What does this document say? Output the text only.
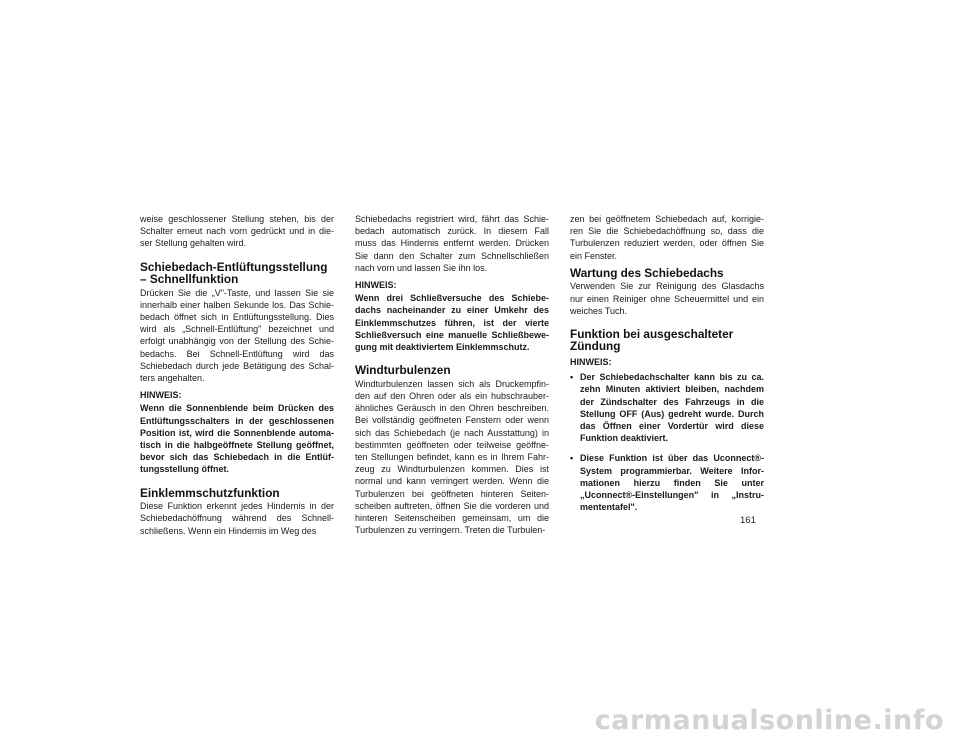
weise geschlossener Stellung stehen, bis der Schalter erneut nach vorn gedrückt und in die- ser Stellung gehalten wird.

Schiebedach-Entlüftungsstellung – Schnellfunktion

Drücken Sie die „V"-Taste, und lassen Sie sie innerhalb einer halben Sekunde los. Das Schie- bedach öffnet sich in Entlüftungsstellung. Dies wird als „Schnell-Entlüftung" bezeichnet und erfolgt unabhängig von der Stellung des Schie- bedachs. Bei Schnell-Entlüftung wird das Schiebedach durch jede Betätigung des Schal- ters angehalten.

HINWEIS:
Wenn die Sonnenblende beim Drücken des Entlüftungsschalters in der geschlossenen Position ist, wird die Sonnenblende automa- tisch in die halbgeöffnete Stellung geöffnet, bevor sich das Schiebedach in die Entlüf- tungsstellung öffnet.
Einklemmschutzfunktion

Diese Funktion erkennt jedes Hindernis in der Schiebedachöffnung während des Schnell- schließens. Wenn ein Hindernis im Weg des

Schiebedachs registriert wird, fährt das Schie- bedach automatisch zurück. In diesem Fall muss das Hindernis entfernt werden. Drücken Sie dann den Schalter zum Schnellschließen nach vorn und lassen Sie ihn los.

HINWEIS:
Wenn drei Schließversuche des Schiebe- dachs nacheinander zu einer Umkehr des Einklemmschutzes führen, ist der vierte Schließversuch eine manuelle Schließbewe- gung mit deaktiviertem Einklemmschutz.
Windturbulenzen

Windturbulenzen lassen sich als Druckempfin- den auf den Ohren oder als ein hubschrauber- ähnliches Geräusch in den Ohren beschreiben. Bei vollständig geöffneten Fenstern oder wenn sich das Schiebedach (je nach Ausstattung) in bestimmten geöffneten oder teilweise geöffne- ten Stellungen befindet, kann es in Ihrem Fahr- zeug zu Windturbulenzen kommen. Dies ist normal und kann verringert werden. Wenn die Turbulenzen bei geöffneten hinteren Seiten- scheiben auftreten, öffnen Sie die vorderen und hinteren Seitenscheiben gemeinsam, um die Turbulenzen zu verringern. Treten die Turbulen-

zen bei geöffnetem Schiebedach auf, korrigie- ren Sie die Schiebedachöffnung so, dass die Turbulenzen reduziert werden, oder öffnen Sie ein Fenster.

Wartung des Schiebedachs

Verwenden Sie zur Reinigung des Glasdachs nur einen Reiniger ohne Scheuermittel und ein weiches Tuch.

Funktion bei ausgeschalteter Zündung
HINWEIS:
• Der Schiebedachschalter kann bis zu ca. zehn Minuten aktiviert bleiben, nachdem der Zündschalter des Fahrzeugs in die Stellung OFF (Aus) gedreht wurde. Durch das Öffnen einer Vordertür wird diese Funktion deaktiviert.
• Diese Funktion ist über das Uconnect®- System programmierbar. Weitere Infor- mationen hierzu finden Sie unter „Uconnect®-Einstellungen" in „Instru- mententafel".
161
carmanualsonline.info
